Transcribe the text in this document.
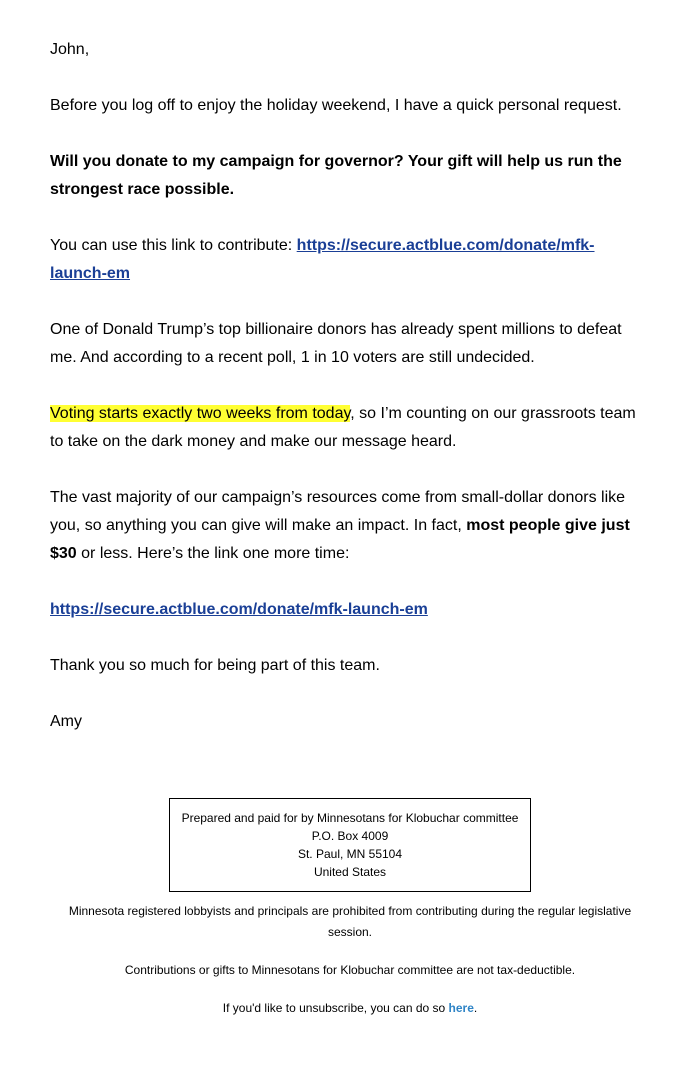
John,

Before you log off to enjoy the holiday weekend, I have a quick personal request.

Will you donate to my campaign for governor? Your gift will help us run the strongest race possible.

You can use this link to contribute: https://secure.actblue.com/donate/mfk-launch-em

One of Donald Trump’s top billionaire donors has already spent millions to defeat me. And according to a recent poll, 1 in 10 voters are still undecided.

Voting starts exactly two weeks from today, so I’m counting on our grassroots team to take on the dark money and make our message heard.

The vast majority of our campaign’s resources come from small-dollar donors like you, so anything you can give will make an impact. In fact, most people give just $30 or less. Here’s the link one more time:

https://secure.actblue.com/donate/mfk-launch-em

Thank you so much for being part of this team.

Amy

Prepared and paid for by Minnesotans for Klobuchar committee
P.O. Box 4009
St. Paul, MN 55104
United States
Minnesota registered lobbyists and principals are prohibited from contributing during the regular legislative session.
Contributions or gifts to Minnesotans for Klobuchar committee are not tax-deductible.
If you'd like to unsubscribe, you can do so here.
